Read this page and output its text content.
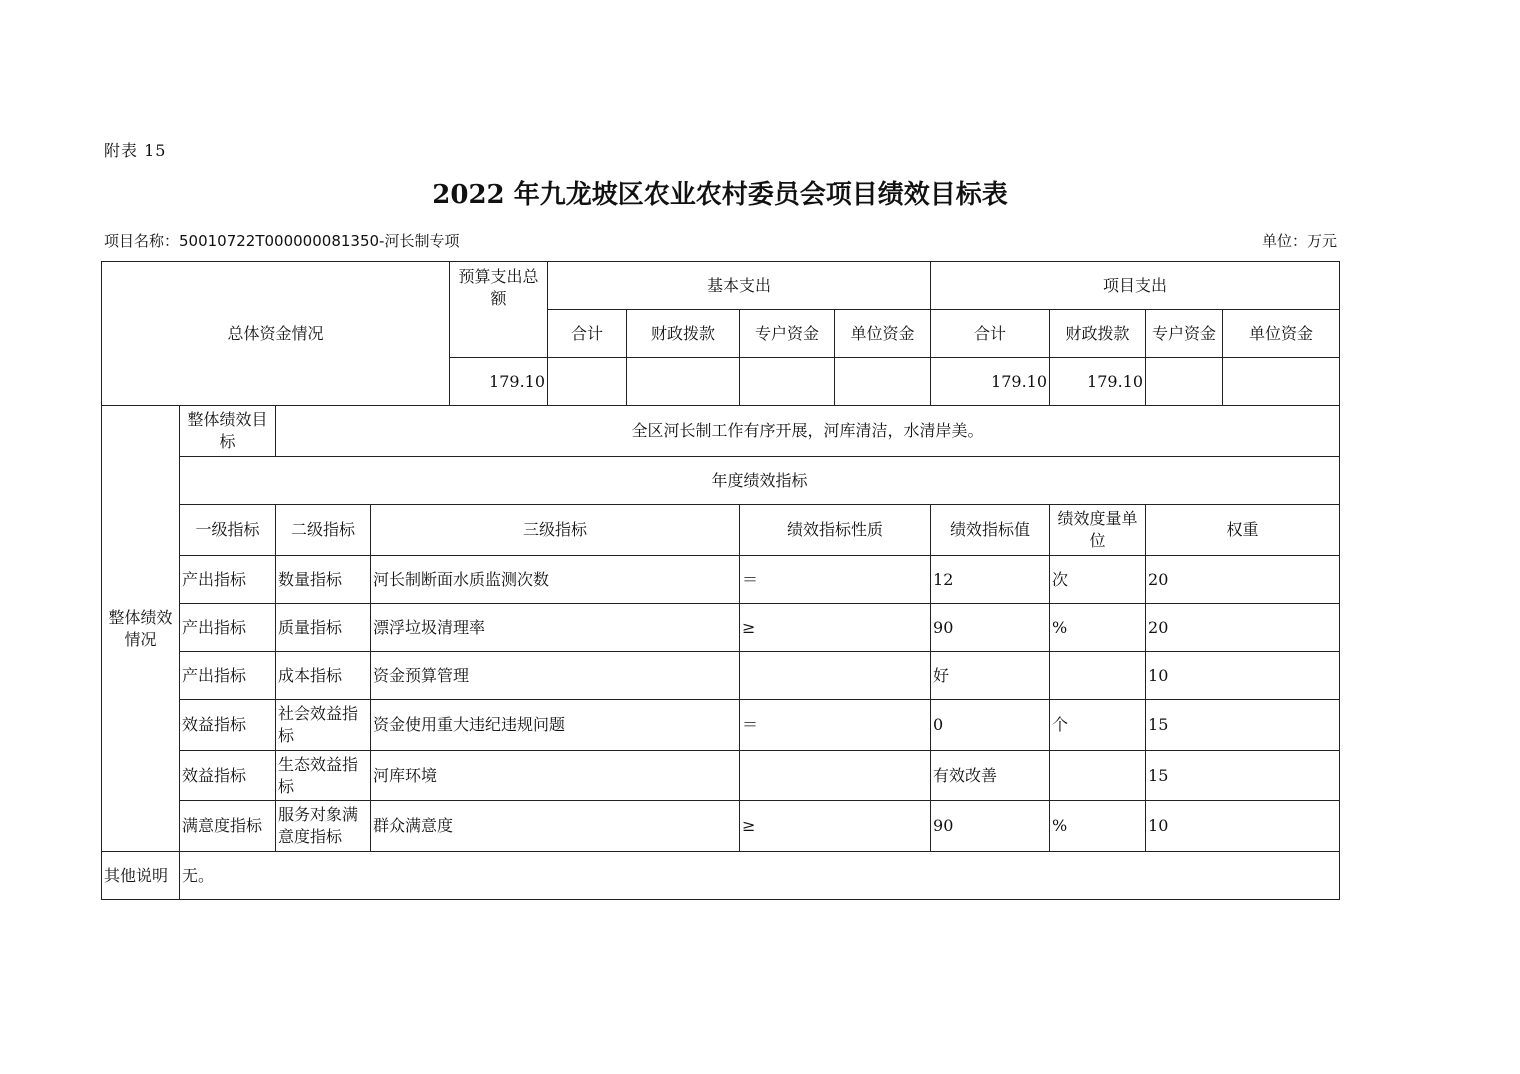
附表 15
2022 年九龙坡区农业农村委员会项目绩效目标表
项目名称：50010722T000000081350-河长制专项	单位：万元
总体资金情况				预算支出总额	基本支出				项目支出			
					合计	财政拨款	专户资金	单位资金	合计	财政拨款	专户资金	单位资金
				179.10					179.10	179.10		
整体绩效情况	整体绩效目标	全区河长制工作有序开展，河库清洁，水清岸美。										
	年度绩效指标											
	一级指标	二级指标	三级指标				绩效指标性质		绩效指标值	绩效度量单位	权重	
	产出指标	数量指标	河长制断面水质监测次数				＝		12	次	20	
	产出指标	质量指标	漂浮垃圾清理率				≥		90	%	20	
	产出指标	成本指标	资金预算管理						好		10	
	效益指标	社会效益指标	资金使用重大违纪违规问题				＝		0	个	15	
	效益指标	生态效益指标	河库环境						有效改善		15	
	满意度指标	服务对象满意度指标	群众满意度				≥		90	%	10	
其他说明	无。											
